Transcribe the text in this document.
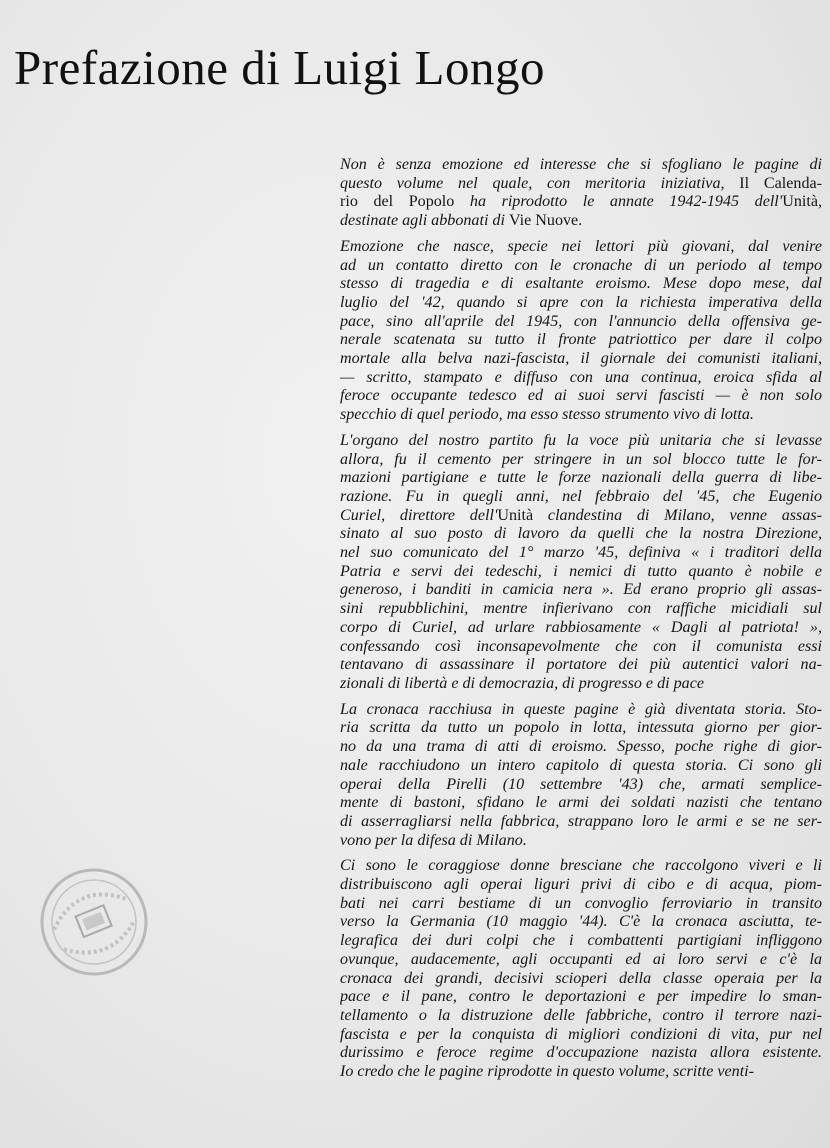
Prefazione di Luigi Longo

Non è senza emozione ed interesse che si sfogliano le pagine di
questo volume nel quale, con meritoria iniziativa, Il Calenda-
rio del Popolo ha riprodotto le annate 1942-1945 dell'Unità,
destinate agli abbonati di Vie Nuove.

Emozione che nasce, specie nei lettori più giovani, dal venire
ad un contatto diretto con le cronache di un periodo al tempo
stesso di tragedia e di esaltante eroismo. Mese dopo mese, dal
luglio del '42, quando si apre con la richiesta imperativa della
pace, sino all'aprile del 1945, con l'annuncio della offensiva ge-
nerale scatenata su tutto il fronte patriottico per dare il colpo
mortale alla belva nazi-fascista, il giornale dei comunisti italiani,
— scritto, stampato e diffuso con una continua, eroica sfida al
feroce occupante tedesco ed ai suoi servi fascisti — è non solo
specchio di quel periodo, ma esso stesso strumento vivo di lotta.

L'organo del nostro partito fu la voce più unitaria che si levasse
allora, fu il cemento per stringere in un sol blocco tutte le for-
mazioni partigiane e tutte le forze nazionali della guerra di libe-
razione. Fu in quegli anni, nel febbraio del '45, che Eugenio
Curiel, direttore dell'Unità clandestina di Milano, venne assas-
sinato al suo posto di lavoro da quelli che la nostra Direzione,
nel suo comunicato del 1° marzo '45, definiva « i traditori della
Patria e servi dei tedeschi, i nemici di tutto quanto è nobile e
generoso, i banditi in camicia nera ». Ed erano proprio gli assas-
sini repubblichini, mentre infierivano con raffiche micidiali sul
corpo di Curiel, ad urlare rabbiosamente « Dagli al patriota! »,
confessando così inconsapevolmente che con il comunista essi
tentavano di assassinare il portatore dei più autentici valori na-
zionali di libertà e di democrazia, di progresso e di pace

La cronaca racchiusa in queste pagine è già diventata storia. Sto-
ria scritta da tutto un popolo in lotta, intessuta giorno per gior-
no da una trama di atti di eroismo. Spesso, poche righe di gior-
nale racchiudono un intero capitolo di questa storia. Ci sono gli
operai della Pirelli (10 settembre '43) che, armati semplice-
mente di bastoni, sfidano le armi dei soldati nazisti che tentano
di asserragliarsi nella fabbrica, strappano loro le armi e se ne ser-
vono per la difesa di Milano.

Ci sono le coraggiose donne bresciane che raccolgono viveri e li
distribuiscono agli operai liguri privi di cibo e di acqua, piom-
bati nei carri bestiame di un convoglio ferroviario in transito
verso la Germania (10 maggio '44). C'è la cronaca asciutta, te-
legrafica dei duri colpi che i combattenti partigiani infliggono
ovunque, audacemente, agli occupanti ed ai loro servi e c'è la
cronaca dei grandi, decisivi scioperi della classe operaia per la
pace e il pane, contro le deportazioni e per impedire lo sman-
tellamento o la distruzione delle fabbriche, contro il terrore nazi-
fascista e per la conquista di migliori condizioni di vita, pur nel
durissimo e feroce regime d'occupazione nazista allora esistente.
Io credo che le pagine riprodotte in questo volume, scritte venti-
